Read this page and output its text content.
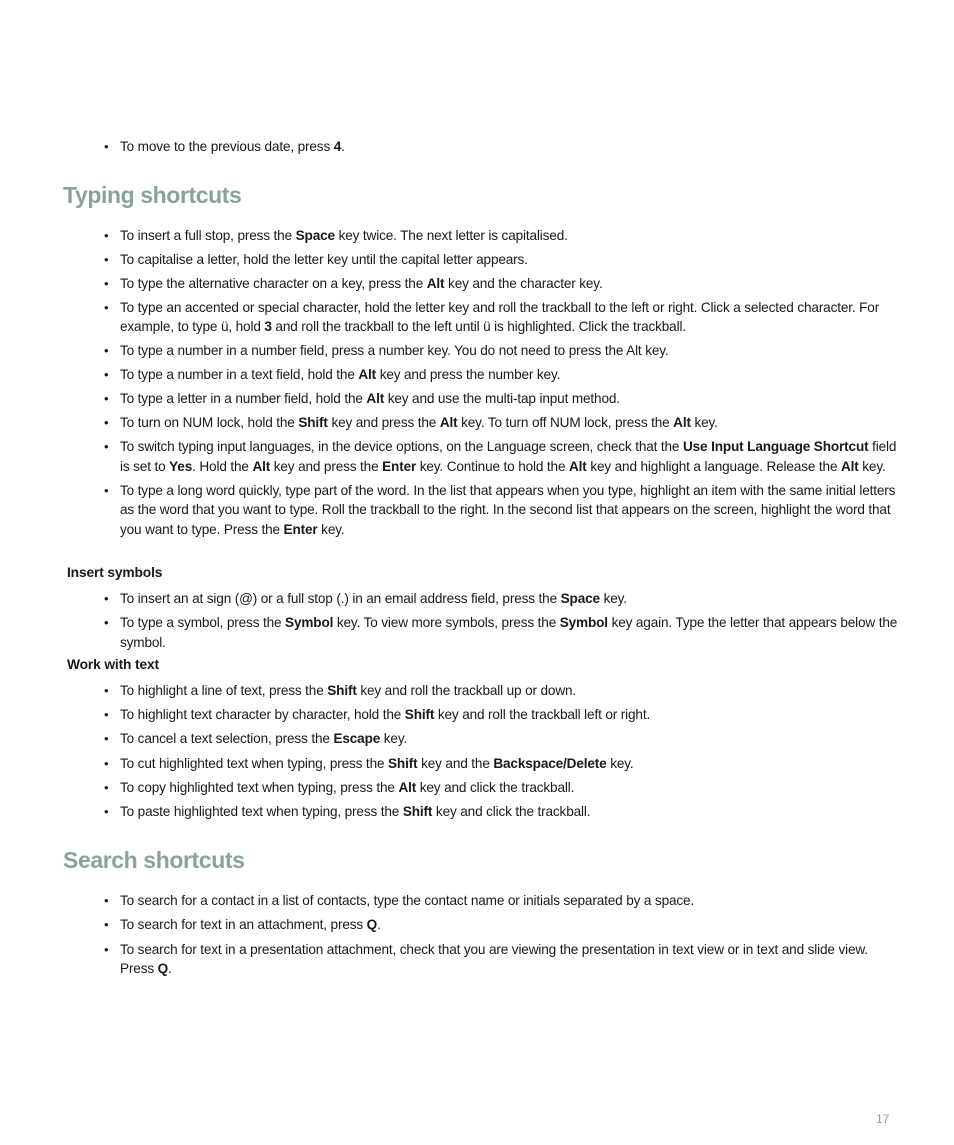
• To move to the previous date, press 4.
Typing shortcuts
• To insert a full stop, press the Space key twice. The next letter is capitalised.
• To capitalise a letter, hold the letter key until the capital letter appears.
• To type the alternative character on a key, press the Alt key and the character key.
• To type an accented or special character, hold the letter key and roll the trackball to the left or right. Click a selected character. For example, to type ü, hold 3 and roll the trackball to the left until ü is highlighted. Click the trackball.
• To type a number in a number field, press a number key. You do not need to press the Alt key.
• To type a number in a text field, hold the Alt key and press the number key.
• To type a letter in a number field, hold the Alt key and use the multi-tap input method.
• To turn on NUM lock, hold the Shift key and press the Alt key. To turn off NUM lock, press the Alt key.
• To switch typing input languages, in the device options, on the Language screen, check that the Use Input Language Shortcut field is set to Yes. Hold the Alt key and press the Enter key. Continue to hold the Alt key and highlight a language. Release the Alt key.
• To type a long word quickly, type part of the word. In the list that appears when you type, highlight an item with the same initial letters as the word that you want to type. Roll the trackball to the right. In the second list that appears on the screen, highlight the word that you want to type. Press the Enter key.
Insert symbols
• To insert an at sign (@) or a full stop (.) in an email address field, press the Space key.
• To type a symbol, press the Symbol key. To view more symbols, press the Symbol key again. Type the letter that appears below the symbol.
Work with text
• To highlight a line of text, press the Shift key and roll the trackball up or down.
• To highlight text character by character, hold the Shift key and roll the trackball left or right.
• To cancel a text selection, press the Escape key.
• To cut highlighted text when typing, press the Shift key and the Backspace/Delete key.
• To copy highlighted text when typing, press the Alt key and click the trackball.
• To paste highlighted text when typing, press the Shift key and click the trackball.
Search shortcuts
• To search for a contact in a list of contacts, type the contact name or initials separated by a space.
• To search for text in an attachment, press Q.
• To search for text in a presentation attachment, check that you are viewing the presentation in text view or in text and slide view. Press Q.
17
